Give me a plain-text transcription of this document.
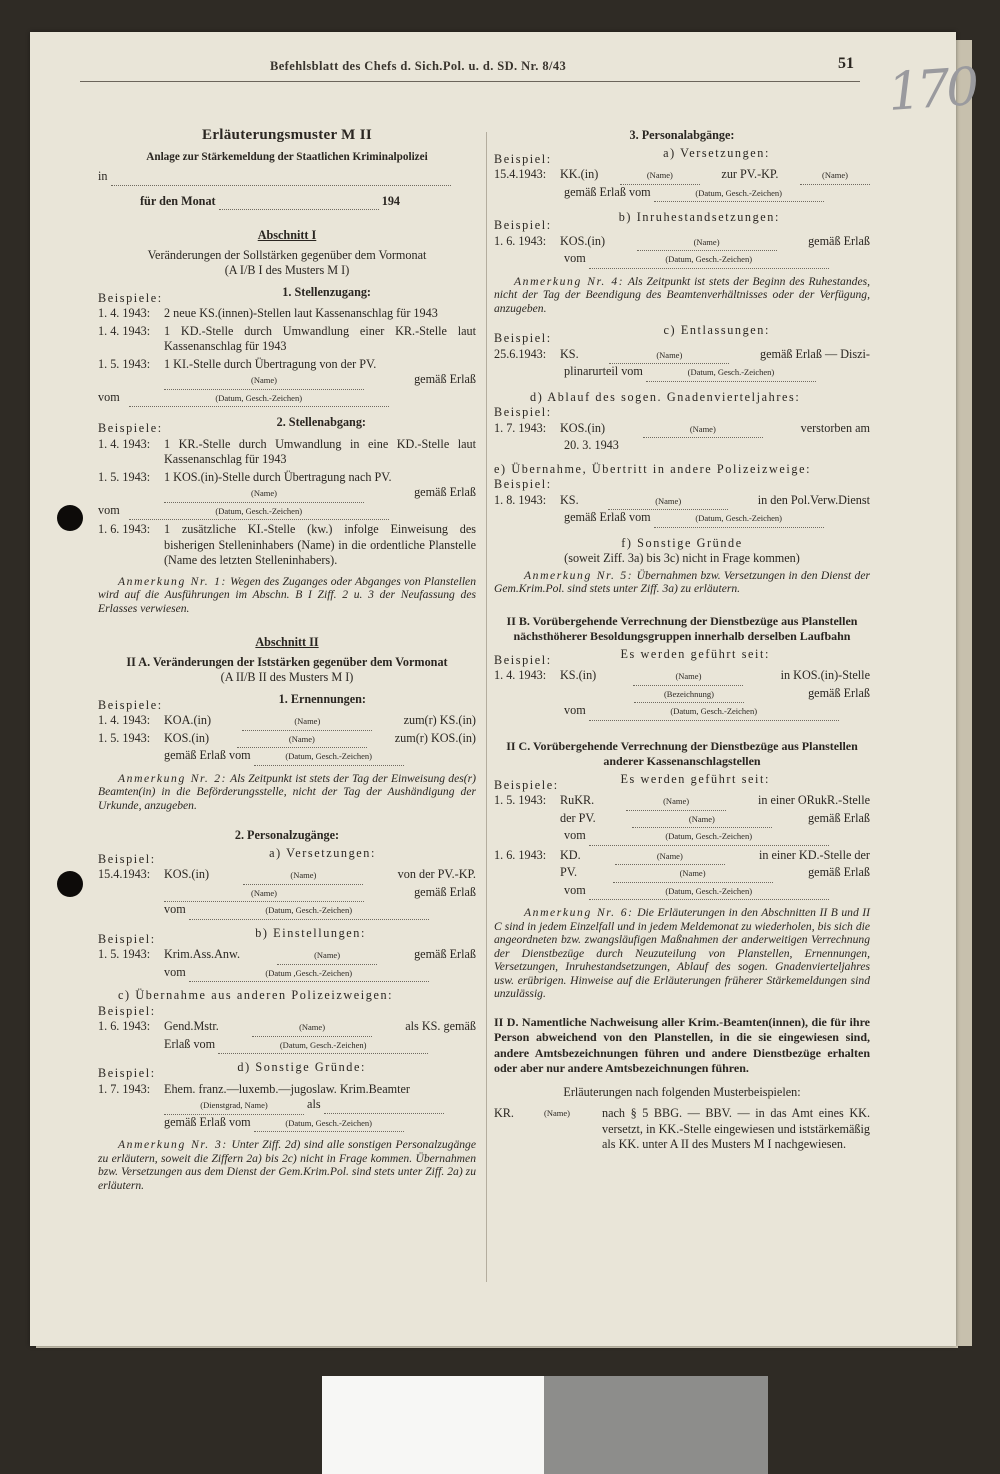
Befehlsblatt des Chefs d. Sich.Pol. u. d. SD. Nr. 8/43	51 170
Erläuterungsmuster M II
Anlage zur Stärkemeldung der Staatlichen Kriminalpolizei
in
für den Monat	194
Abschnitt I
Veränderungen der Sollstärken gegenüber dem Vormonat
(A I/B I des Musters M I)
Beispiele:	1. Stellenzugang:
1. 4. 1943:	2 neue KS.(innen)-Stellen laut Kassenanschlag für 1943
1. 4. 1943:	1 KD.-Stelle durch Umwandlung einer KR.-Stelle laut Kassenanschlag für 1943
1. 5. 1943:	1 KI.-Stelle durch Übertragung von der PV.
(Name)	gemäß Erlaß
vom	(Datum, Gesch.-Zeichen)
Beispiele:	2. Stellenabgang:
1. 4. 1943:	1 KR.-Stelle durch Umwandlung in eine KD.-Stelle laut Kassenanschlag für 1943
1. 5. 1943:	1 KOS.(in)-Stelle durch Übertragung nach PV.
(Name)	gemäß Erlaß
vom	(Datum, Gesch.-Zeichen)
1. 6. 1943:	1 zusätzliche KI.-Stelle (kw.) infolge Einweisung des bisherigen Stelleninhabers (Name) in die ordentliche Planstelle (Name des letzten Stelleninhabers).
Anmerkung Nr. 1: Wegen des Zuganges oder Abganges von Planstellen wird auf die Ausführungen im Abschn. B I Ziff. 2 u. 3 der Neufassung des Erlasses verwiesen.
Abschnitt II
II A. Veränderungen der Iststärken gegenüber dem Vormonat
(A II/B II des Musters M I)
Beispiele:	1. Ernennungen:
1. 4. 1943:	KOA.(in)	(Name)	zum(r) KS.(in)
1. 5. 1943:	KOS.(in)	(Name)	zum(r) KOS.(in)
gemäß Erlaß vom	(Datum, Gesch.-Zeichen)
Anmerkung Nr. 2: Als Zeitpunkt ist stets der Tag der Einweisung des(r) Beamten(in) in die Beförderungsstelle, nicht der Tag der Aushändigung der Urkunde, anzugeben.
2. Personalzugänge:
Beispiel:	a) Versetzungen:
15.4.1943:	KOS.(in)	(Name)	von der PV.-KP.
(Name)	gemäß Erlaß
vom	(Datum, Gesch.-Zeichen)
Beispiel:	b) Einstellungen:
1. 5. 1943:	Krim.Ass.Anw.	(Name)	gemäß Erlaß
vom	(Datum ,Gesch.-Zeichen)
c) Übernahme aus anderen Polizeizweigen:
Beispiel:
1. 6. 1943:	Gend.Mstr.	(Name)	als KS. gemäß
Erlaß vom	(Datum, Gesch.-Zeichen)
Beispiel:	d) Sonstige Gründe:
1. 7. 1943:	Ehem. franz.—luxemb.—jugoslaw. Krim.Beamter
(Dienstgrad, Name)	als
gemäß Erlaß vom	(Datum, Gesch.-Zeichen)
Anmerkung Nr. 3: Unter Ziff. 2d) sind alle sonstigen Personalzugänge zu erläutern, soweit die Ziffern 2a) bis 2c) nicht in Frage kommen. Übernahmen bzw. Versetzungen aus dem Dienst der Gem.Krim.Pol. sind stets unter Ziff. 2a) zu erläutern.
3. Personalabgänge:
Beispiel:	a) Versetzungen:
15.4.1943:	KK.(in)	(Name)	zur PV.-KP.	(Name)
gemäß Erlaß vom	(Datum, Gesch.-Zeichen)
Beispiel:
b) Inruhestandsetzungen:
1. 6. 1943:	KOS.(in)	(Name)	gemäß Erlaß
vom	(Datum, Gesch.-Zeichen)
Anmerkung Nr. 4: Als Zeitpunkt ist stets der Beginn des Ruhestandes, nicht der Tag der Beendigung des Beamtenverhältnisses oder der Verfügung, anzugeben.
Beispiel:
c) Entlassungen:
25.6.1943:	KS.	(Name)	gemäß Erlaß — Diszi-
plinarurteil vom	(Datum, Gesch.-Zeichen)
d) Ablauf des sogen. Gnadenvierteljahres:
Beispiel:
1. 7. 1943:	KOS.(in)	(Name)	verstorben am
20. 3. 1943
e) Übernahme, Übertritt in andere Polizeizweige:
Beispiel:
1. 8. 1943:	KS.	(Name)	in den Pol.Verw.Dienst
gemäß Erlaß vom	(Datum, Gesch.-Zeichen)
f) Sonstige Gründe
(soweit Ziff. 3a) bis 3c) nicht in Frage kommen)
Anmerkung Nr. 5: Übernahmen bzw. Versetzungen in den Dienst der Gem.Krim.Pol. sind stets unter Ziff. 3a) zu erläutern.
II B. Vorübergehende Verrechnung der Dienstbezüge aus Planstellen nächsthöherer Besoldungsgruppen innerhalb derselben Laufbahn
Beispiel:	Es werden geführt seit:
1. 4. 1943:	KS.(in)	(Name)	in KOS.(in)-Stelle
(Bezeichnung)	gemäß Erlaß
vom	(Datum, Gesch.-Zeichen)
II C. Vorübergehende Verrechnung der Dienstbezüge aus Planstellen anderer Kassenanschlagstellen
Beispiele:	Es werden geführt seit:
1. 5. 1943:	RuKR.	(Name)	in einer ORukR.-Stelle
der PV.	(Name)	gemäß Erlaß
vom	(Datum, Gesch.-Zeichen)
1. 6. 1943:	KD.	(Name)	in einer KD.-Stelle der
PV.	(Name)	gemäß Erlaß
vom	(Datum, Gesch.-Zeichen)
Anmerkung Nr. 6: Die Erläuterungen in den Abschnitten II B und II C sind in jedem Einzelfall und in jedem Meldemonat zu wiederholen, bis sich die angeordneten bzw. zwangsläufigen Maßnahmen der anderweitigen Verrechnung der Dienstbezüge durch Neuzuteilung von Planstellen, Ernennungen, Versetzungen, Inruhestandsetzungen, Ablauf des sogen. Gnadenvierteljahres usw. erübrigen. Hinweise auf die Erläuterungen früherer Stärkemeldungen sind unzulässig.
II D. Namentliche Nachweisung aller Krim.-Beamten(innen), die für ihre Person abweichend von den Planstellen, in die sie eingewiesen sind, andere Amtsbezeichnungen führen und andere Dienstbezüge erhalten oder aber nur andere Amtsbezeichnungen führen.
Erläuterungen nach folgenden Musterbeispielen:
KR.	(Name)	nach § 5 BBG. — BBV. — in das Amt eines KK. versetzt, in KK.-Stelle eingewiesen und iststärkemäßig als KK. unter A II des Musters M I nachgewiesen.
